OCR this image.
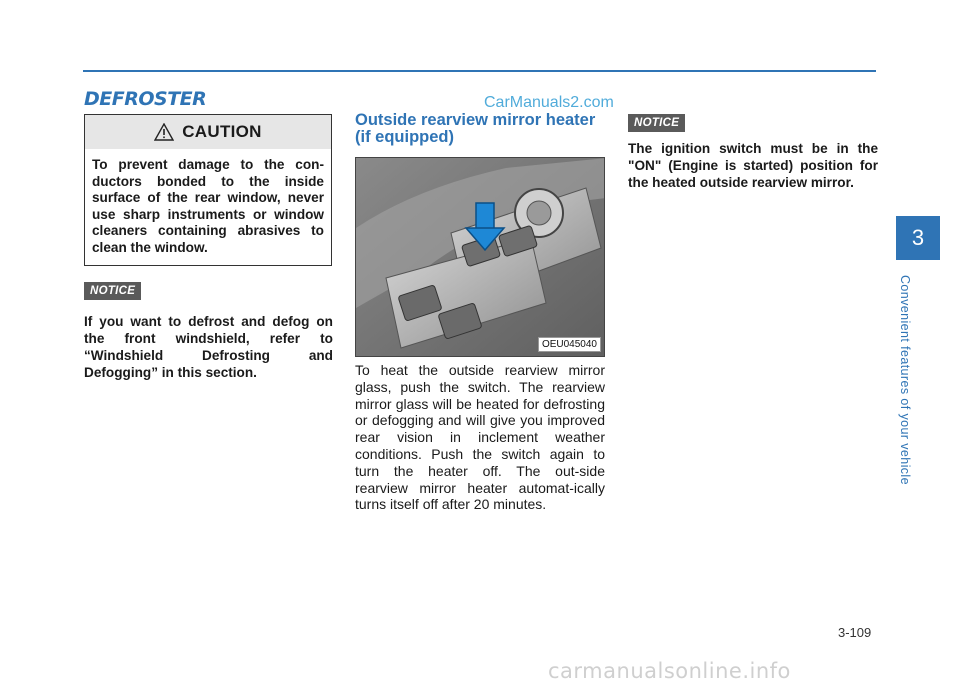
DEFROSTER	CarManuals2.com
CAUTION
To prevent damage to the con-ductors bonded to the inside surface of the rear window, never use sharp instruments or window cleaners containing abrasives to clean the window.
NOTICE

If you want to defrost and defog on the front windshield, refer to “Windshield Defrosting and Defogging” in this section.

Outside rearview mirror heater (if equipped)
OEU045040

To heat the outside rearview mirror glass, push the switch. The rearview mirror glass will be heated for defrosting or defogging and will give you improved rear vision in inclement weather conditions. Push the switch again to turn the heater off. The out-side rearview mirror heater automat-ically turns itself off after 20 minutes.

NOTICE

The ignition switch must be in the "ON" (Engine is started) position for the heated outside rearview mirror.

3
Convenient features of your vehicle
3-109
carmanualsonline.info
